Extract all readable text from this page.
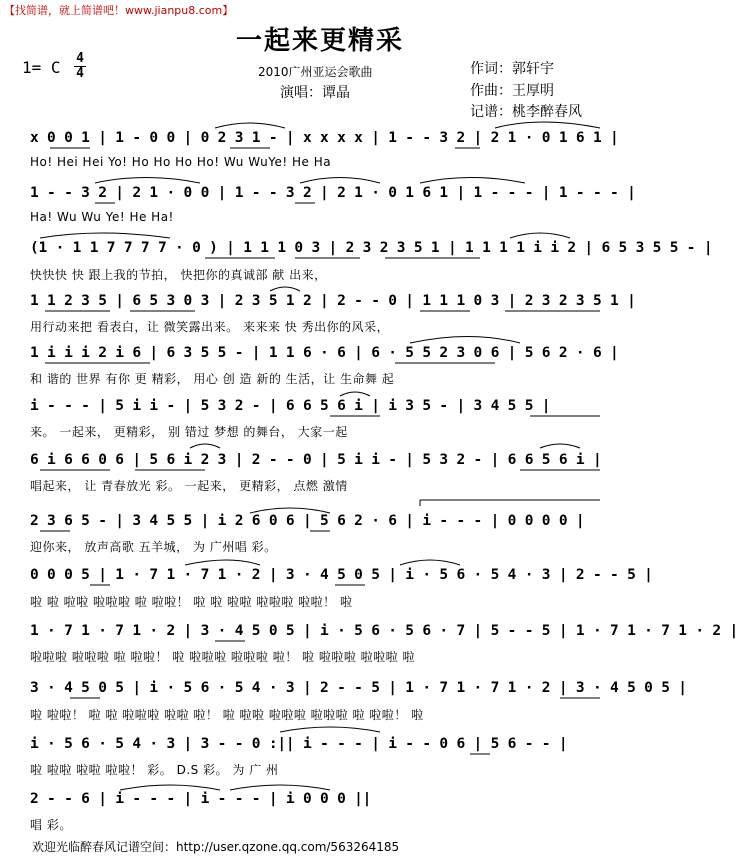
【找简谱，就上简谱吧！www.jianpu8.com】
一起来更精采
1= C 4
4	2010广州亚运会歌曲
演唱：谭晶
作词：郭轩宇
作曲：王厚明
记谱：桃李醉春风
x 0 0 1 | 1 - 0 0 | 0 2 3 1 - | x x x x | 1 - - 3 2 | 2 1 · 0 1 6 1 |
Ho! Hei Hei Yo! Ho Ho Ho Ho! Wu WuYe! He Ha
1 - - 3 2 | 2 1 · 0 0 | 1 - - 3 2 | 2 1 · 0 1 6 1 | 1 - - - | 1 - - - |
Ha! Wu Wu Ye! He Ha!
(1 · 1 1 7 7 7 7 · 0 ) | 1 1 1 0 3 | 2 3 2 3 5 1 | 1 1 1 1 i i 2 | 6 5 3 5 5 - |
快快快 快 跟上我的节拍， 快把你的真诚部 献 出来，
1 1 2 3 5 | 6 5 3 0 3 | 2 3 5 1 2 | 2 - - 0 | 1 1 1 0 3 | 2 3 2 3 5 1 |
用行动来把 看表白，让 微笑露出来。 来来来 快 秀出你的风采，
1 i i i 2 i 6 | 6 3 5 5 - | 1 1 6 · 6 | 6 · 5 5 2 3 0 6 | 5 6 2 · 6 |
和 谐的 世界 有你 更 精彩， 用心 创 造 新的 生活，让 生命舞 起
i - - - | 5 i i - | 5 3 2 - | 6 6 5 6 i | i 3 5 - | 3 4 5 5 |
来。 一起来， 更精彩， 别 错过 梦想 的舞台， 大家一起
6 i 6 6 0 6 | 5 6 i 2 3 | 2 - - 0 | 5 i i - | 5 3 2 - | 6 6 5 6 i |
唱起来， 让 青春放光 彩。 一起来， 更精彩， 点燃 激情
2 3 6 5 - | 3 4 5 5 | i 2 6 0 6 | 5 6 2 · 6 | i - - - | 0 0 0 0 |
迎你来， 放声高歌 五羊城， 为 广州唱 彩。
0 0 0 5 | 1 · 7 1 · 7 1 · 2 | 3 · 4 5 0 5 | i · 5 6 · 5 4 · 3 | 2 - - 5 |
啦 啦 啦啦 啦啦啦 啦 啦啦！ 啦 啦 啦啦 啦啦啦 啦啦！ 啦
1 · 7 1 · 7 1 · 2 | 3 · 4 5 0 5 | i · 5 6 · 5 6 · 7 | 5 - - 5 | 1 · 7 1 · 7 1 · 2 |
啦啦啦 啦啦啦 啦 啦啦！ 啦 啦啦啦 啦啦啦 啦！ 啦 啦啦啦 啦啦啦 啦
3 · 4 5 0 5 | i · 5 6 · 5 4 · 3 | 2 - - 5 | 1 · 7 1 · 7 1 · 2 | 3 · 4 5 0 5 |
啦 啦啦！ 啦 啦 啦啦啦 啦啦 啦！ 啦 啦啦 啦啦啦 啦啦啦 啦 啦啦！ 啦
i · 5 6 · 5 4 · 3 | 3 - - 0 :|| i - - - | i - - 0 6 | 5 6 - - |
啦 啦啦 啦啦 啦啦！ 彩。 D.S 彩。 为 广 州
2 - - 6 | i - - - | i - - - | i 0 0 0 ||
唱 彩。
欢迎光临醉春风记谱空间：http://user.qzone.qq.com/563264185
